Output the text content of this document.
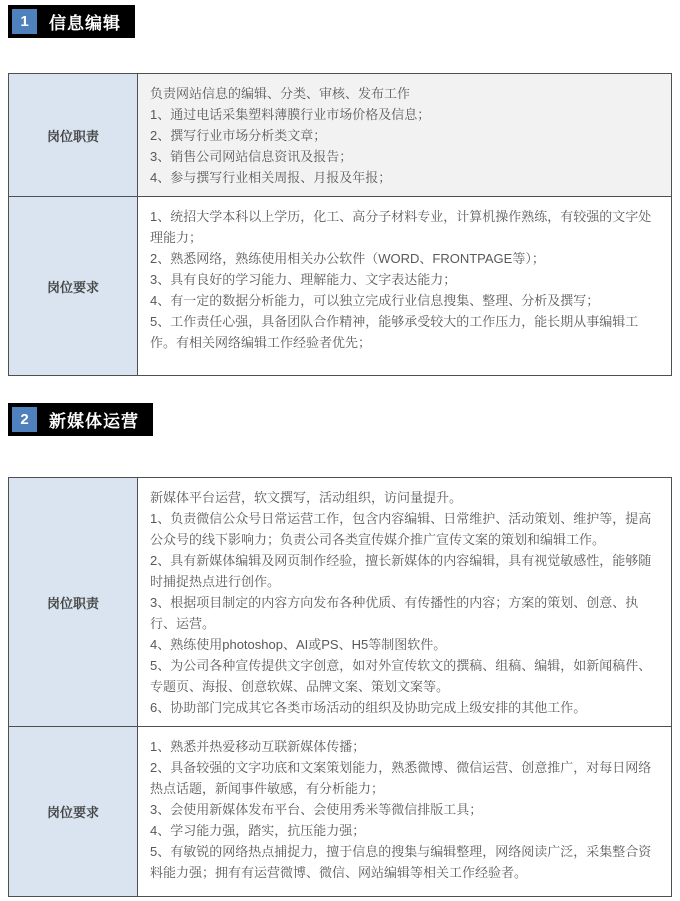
1	信息编辑
岗位职责
负责网站信息的编辑、分类、审核、发布工作
1、通过电话采集塑料薄膜行业市场价格及信息；
2、撰写行业市场分析类文章；
3、销售公司网站信息资讯及报告；
4、参与撰写行业相关周报、月报及年报；
岗位要求
1、统招大学本科以上学历，化工、高分子材料专业，计算机操作熟练，有较强的文字处理能力；
2、熟悉网络，熟练使用相关办公软件（WORD、FRONTPAGE等）；
3、具有良好的学习能力、理解能力、文字表达能力；
4、有一定的数据分析能力，可以独立完成行业信息搜集、整理、分析及撰写；
5、工作责任心强，具备团队合作精神，能够承受较大的工作压力，能长期从事编辑工作。有相关网络编辑工作经验者优先；
2	新媒体运营
岗位职责
新媒体平台运营，软文撰写，活动组织，访问量提升。
1、负责微信公众号日常运营工作，包含内容编辑、日常维护、活动策划、维护等，提高公众号的线下影响力；负责公司各类宣传媒介推广宣传文案的策划和编辑工作。
2、具有新媒体编辑及网页制作经验，擅长新媒体的内容编辑，具有视觉敏感性，能够随时捕捉热点进行创作。
3、根据项目制定的内容方向发布各种优质、有传播性的内容；方案的策划、创意、执行、运营。
4、熟练使用photoshop、AI或PS、H5等制图软件。
5、为公司各种宣传提供文字创意，如对外宣传软文的撰稿、组稿、编辑，如新闻稿件、专题页、海报、创意软媒、品牌文案、策划文案等。
6、协助部门完成其它各类市场活动的组织及协助完成上级安排的其他工作。
岗位要求
1、熟悉并热爱移动互联新媒体传播；
2、具备较强的文字功底和文案策划能力，熟悉微博、微信运营、创意推广，对每日网络热点话题，新闻事件敏感，有分析能力；
3、会使用新媒体发布平台、会使用秀米等微信排版工具；
4、学习能力强，踏实，抗压能力强；
5、有敏锐的网络热点捕捉力，擅于信息的搜集与编辑整理，网络阅读广泛，采集整合资料能力强；拥有有运营微博、微信、网站编辑等相关工作经验者。
